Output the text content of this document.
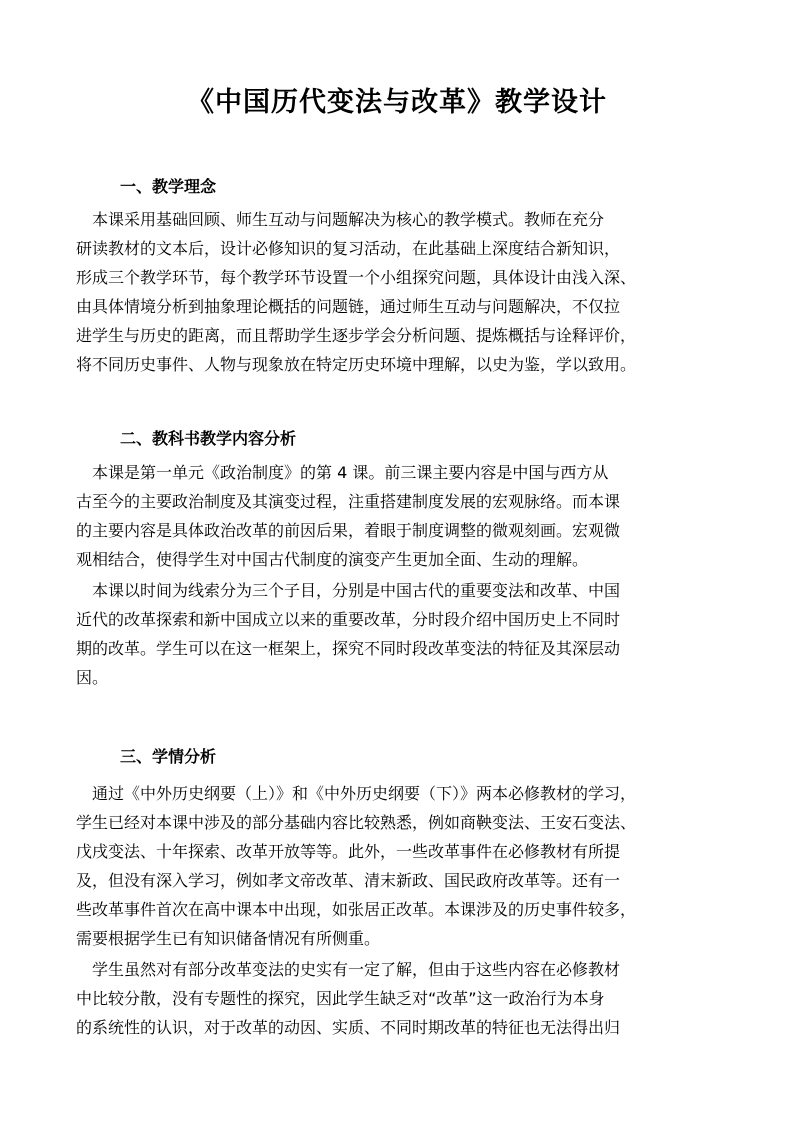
《中国历代变法与改革》教学设计
一、教学理念
　本课采用基础回顾、师生互动与问题解决为核心的教学模式。教师在充分
研读教材的文本后，设计必修知识的复习活动，在此基础上深度结合新知识，
形成三个教学环节，每个教学环节设置一个小组探究问题，具体设计由浅入深、
由具体情境分析到抽象理论概括的问题链，通过师生互动与问题解决，不仅拉
进学生与历史的距离，而且帮助学生逐步学会分析问题、提炼概括与诠释评价，
将不同历史事件、人物与现象放在特定历史环境中理解，以史为鉴，学以致用。
二、教科书教学内容分析
　本课是第一单元《政治制度》的第 4 课。前三课主要内容是中国与西方从
古至今的主要政治制度及其演变过程，注重搭建制度发展的宏观脉络。而本课
的主要内容是具体政治改革的前因后果，着眼于制度调整的微观刻画。宏观微
观相结合，使得学生对中国古代制度的演变产生更加全面、生动的理解。
　本课以时间为线索分为三个子目，分别是中国古代的重要变法和改革、中国
近代的改革探索和新中国成立以来的重要改革，分时段介绍中国历史上不同时
期的改革。学生可以在这一框架上，探究不同时段改革变法的特征及其深层动
因。
三、学情分析
　通过《中外历史纲要（上）》和《中外历史纲要（下）》两本必修教材的学习，
学生已经对本课中涉及的部分基础内容比较熟悉，例如商鞅变法、王安石变法、
戊戌变法、十年探索、改革开放等等。此外，一些改革事件在必修教材有所提
及，但没有深入学习，例如孝文帝改革、清末新政、国民政府改革等。还有一
些改革事件首次在高中课本中出现，如张居正改革。本课涉及的历史事件较多，
需要根据学生已有知识储备情况有所侧重。
　学生虽然对有部分改革变法的史实有一定了解，但由于这些内容在必修教材
中比较分散，没有专题性的探究，因此学生缺乏对“改革”这一政治行为本身
的系统性的认识，对于改革的动因、实质、不同时期改革的特征也无法得出归
